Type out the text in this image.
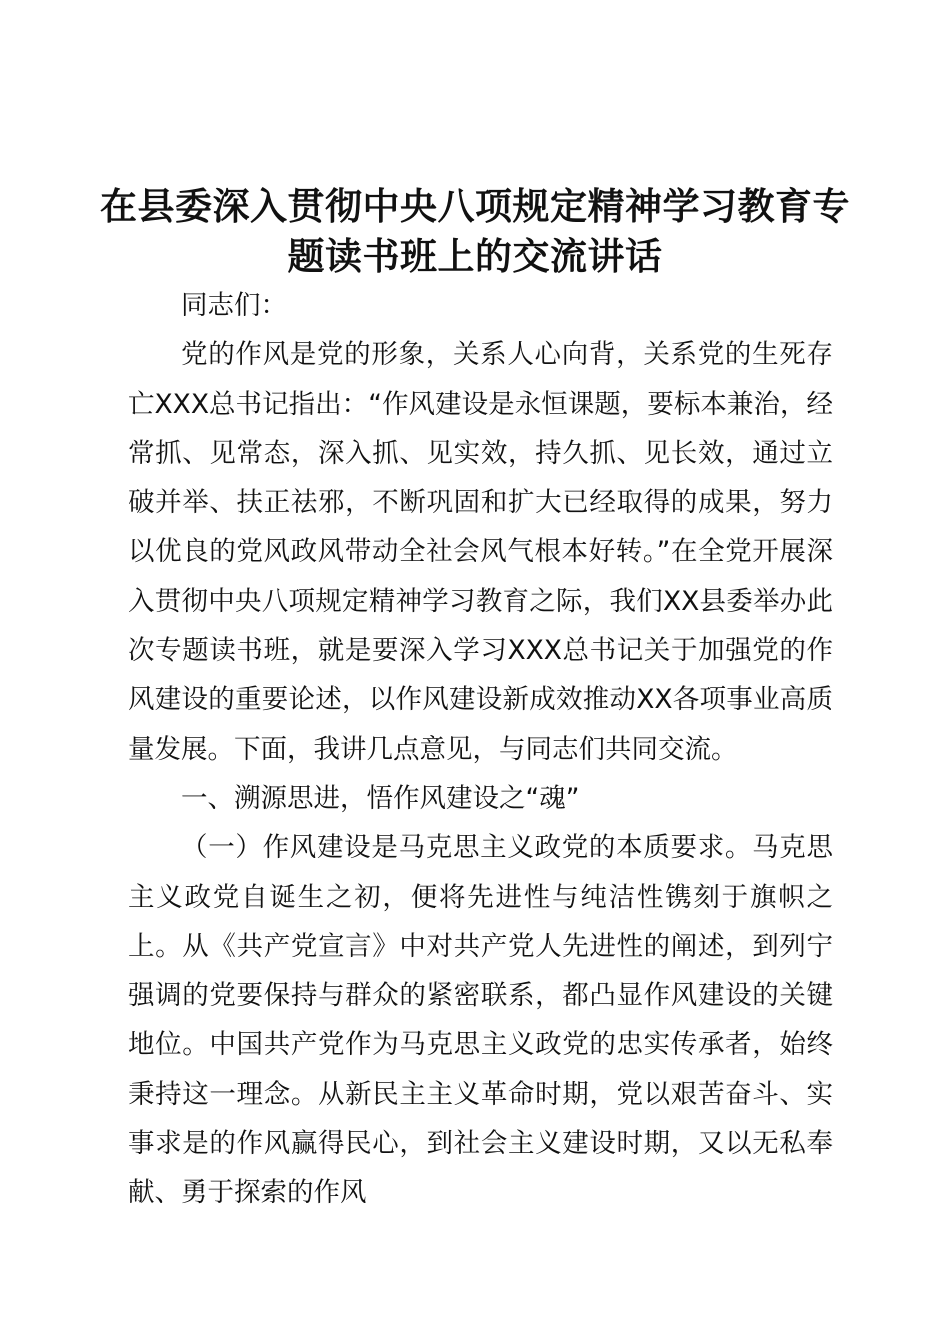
在县委深入贯彻中央八项规定精神学习教育专
题读书班上的交流讲话

同志们：

党的作风是党的形象，关系人心向背，关系党的生死存亡XXX总书记指出：“作风建设是永恒课题，要标本兼治，经常抓、见常态，深入抓、见实效，持久抓、见长效，通过立破并举、扶正祛邪，不断巩固和扩大已经取得的成果，努力以优良的党风政风带动全社会风气根本好转。”在全党开展深入贯彻中央八项规定精神学习教育之际，我们XX县委举办此次专题读书班，就是要深入学习XXX总书记关于加强党的作风建设的重要论述，以作风建设新成效推动XX各项事业高质量发展。下面，我讲几点意见，与同志们共同交流。

一、溯源思进，悟作风建设之“魂”

（一）作风建设是马克思主义政党的本质要求。马克思主义政党自诞生之初，便将先进性与纯洁性镌刻于旗帜之上。从《共产党宣言》中对共产党人先进性的阐述，到列宁强调的党要保持与群众的紧密联系，都凸显作风建设的关键地位。中国共产党作为马克思主义政党的忠实传承者，始终秉持这一理念。从新民主主义革命时期，党以艰苦奋斗、实事求是的作风赢得民心，到社会主义建设时期，又以无私奉献、勇于探索的作风
